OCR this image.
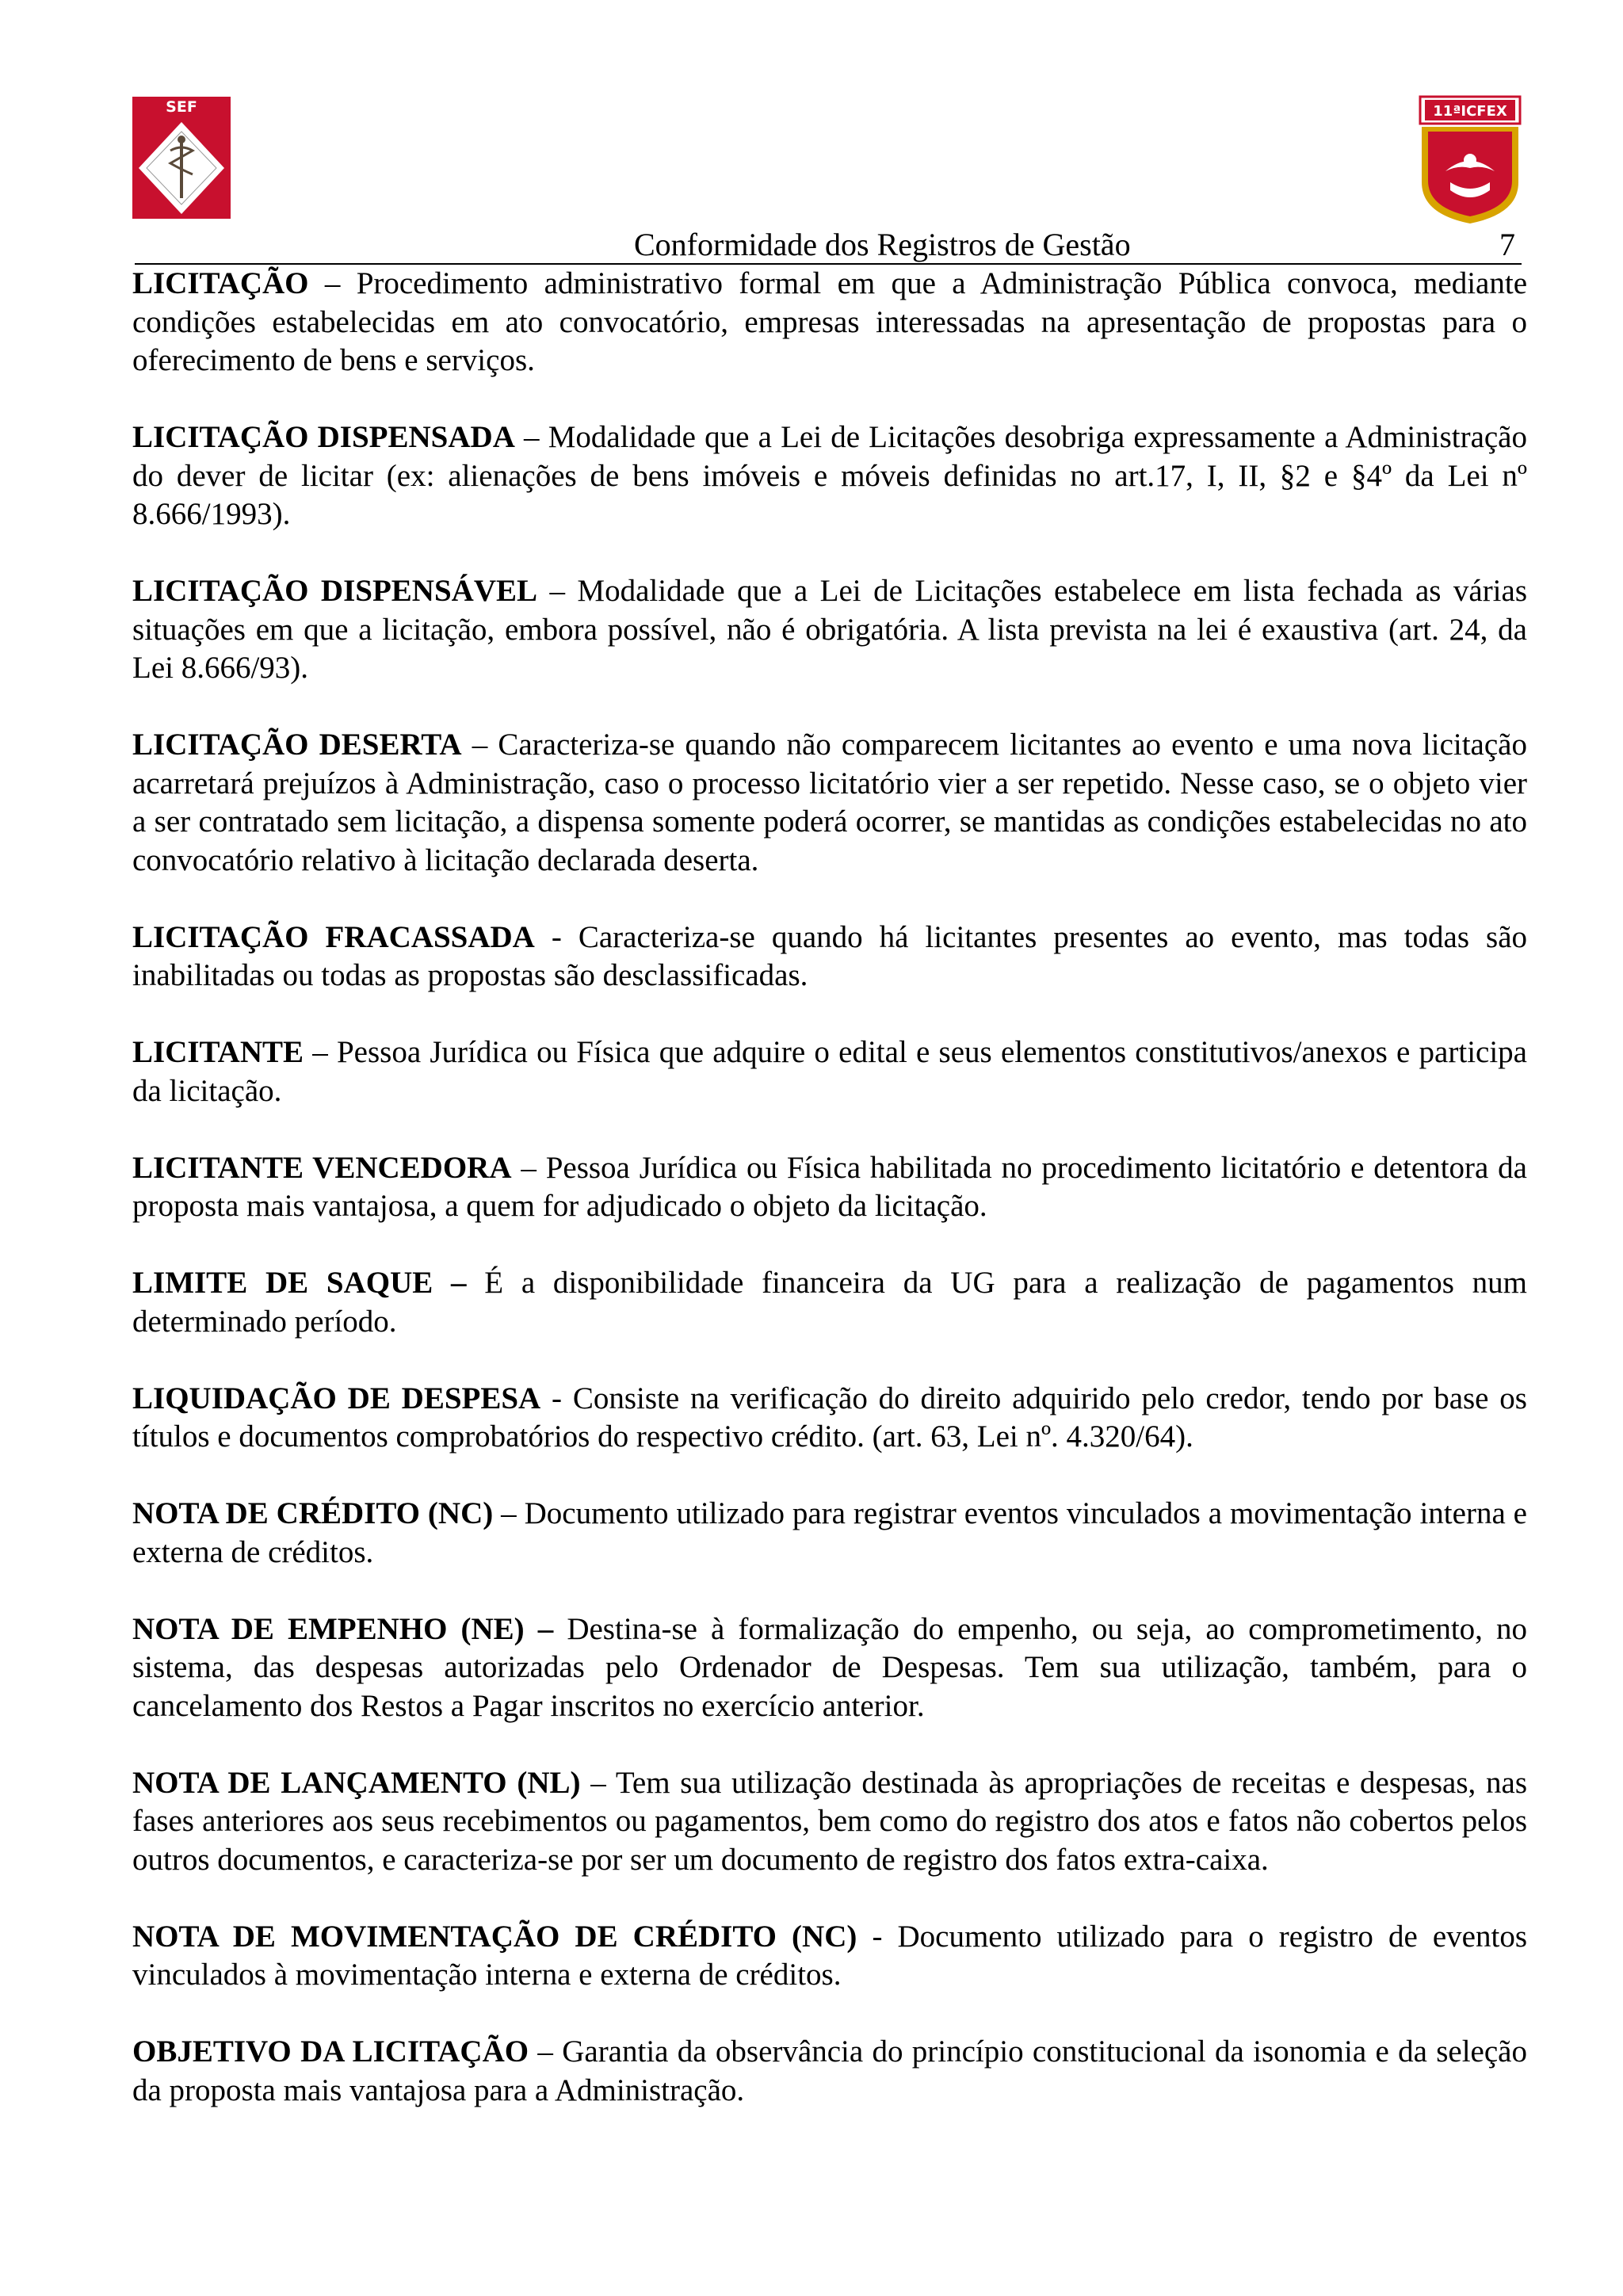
SEF	11ªICFEX
Conformidade dos Registros de Gestão	7

LICITAÇÃO – Procedimento administrativo formal em que a Administração Pública convoca, mediante condições estabelecidas em ato convocatório, empresas interessadas na apresentação de propostas para o oferecimento de bens e serviços.

LICITAÇÃO DISPENSADA – Modalidade que a Lei de Licitações desobriga expressamente a Administração do dever de licitar (ex: alienações de bens imóveis e móveis definidas no art.17, I, II, §2 e §4º da Lei nº 8.666/1993).

LICITAÇÃO DISPENSÁVEL – Modalidade que a Lei de Licitações estabelece em lista fechada as várias situações em que a licitação, embora possível, não é obrigatória. A lista prevista na lei é exaustiva (art. 24, da Lei 8.666/93).

LICITAÇÃO DESERTA – Caracteriza-se quando não comparecem licitantes ao evento e uma nova licitação acarretará prejuízos à Administração, caso o processo licitatório vier a ser repetido. Nesse caso, se o objeto vier a ser contratado sem licitação, a dispensa somente poderá ocorrer, se mantidas as condições estabelecidas no ato convocatório relativo à licitação declarada deserta.

LICITAÇÃO FRACASSADA - Caracteriza-se quando há licitantes presentes ao evento, mas todas são inabilitadas ou todas as propostas são desclassificadas.

LICITANTE – Pessoa Jurídica ou Física que adquire o edital e seus elementos constitutivos/anexos e participa da licitação.

LICITANTE VENCEDORA – Pessoa Jurídica ou Física habilitada no procedimento licitatório e detentora da proposta mais vantajosa, a quem for adjudicado o objeto da licitação.

LIMITE DE SAQUE – É a disponibilidade financeira da UG para a realização de pagamentos num determinado período.

LIQUIDAÇÃO DE DESPESA - Consiste na verificação do direito adquirido pelo credor, tendo por base os títulos e documentos comprobatórios do respectivo crédito. (art. 63, Lei nº. 4.320/64).

NOTA DE CRÉDITO (NC) – Documento utilizado para registrar eventos vinculados a movimentação interna e externa de créditos.

NOTA DE EMPENHO (NE) – Destina-se à formalização do empenho, ou seja, ao comprometimento, no sistema, das despesas autorizadas pelo Ordenador de Despesas. Tem sua utilização, também, para o cancelamento dos Restos a Pagar inscritos no exercício anterior.

NOTA DE LANÇAMENTO (NL) – Tem sua utilização destinada às apropriações de receitas e despesas, nas fases anteriores aos seus recebimentos ou pagamentos, bem como do registro dos atos e fatos não cobertos pelos outros documentos, e caracteriza-se por ser um documento de registro dos fatos extra-caixa.

NOTA DE MOVIMENTAÇÃO DE CRÉDITO (NC) - Documento utilizado para o registro de eventos vinculados à movimentação interna e externa de créditos.

OBJETIVO DA LICITAÇÃO – Garantia da observância do princípio constitucional da isonomia e da seleção da proposta mais vantajosa para a Administração.
